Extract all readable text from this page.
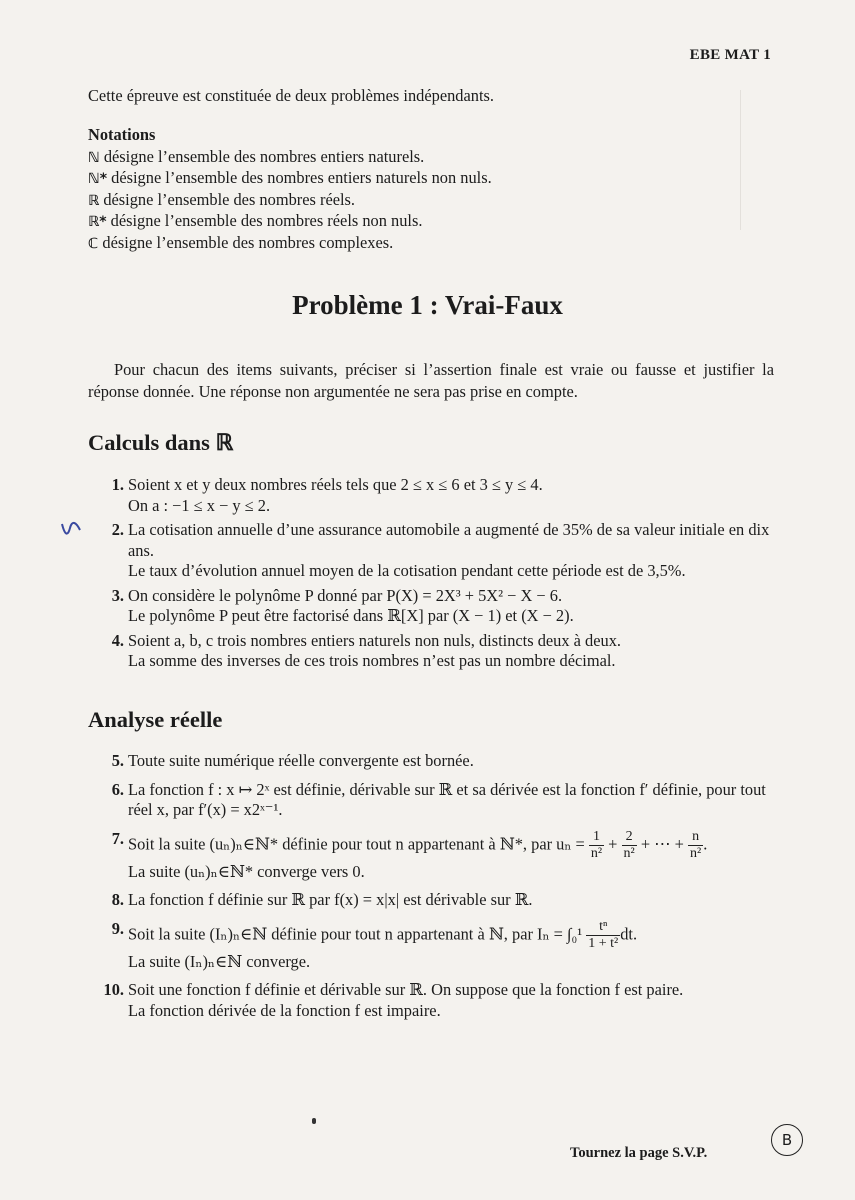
EBE MAT 1
Cette épreuve est constituée de deux problèmes indépendants.
Notations

ℕ désigne l’ensemble des nombres entiers naturels.

ℕ* désigne l’ensemble des nombres entiers naturels non nuls.

ℝ désigne l’ensemble des nombres réels.

ℝ* désigne l’ensemble des nombres réels non nuls.

ℂ désigne l’ensemble des nombres complexes.

Problème 1 : Vrai-Faux
Pour chacun des items suivants, préciser si l’assertion finale est vraie ou fausse et justifier la réponse donnée. Une réponse non argumentée ne sera pas prise en compte.
Calculs dans ℝ
1. Soient x et y deux nombres réels tels que 2 ≤ x ≤ 6 et 3 ≤ y ≤ 4.

On a : −1 ≤ x − y ≤ 2.

2. La cotisation annuelle d’une assurance automobile a augmenté de 35% de sa valeur initiale en dix ans.

Le taux d’évolution annuel moyen de la cotisation pendant cette période est de 3,5%.

3. On considère le polynôme P donné par P(X) = 2X³ + 5X² − X − 6.

Le polynôme P peut être factorisé dans ℝ[X] par (X − 1) et (X − 2).

4. Soient a, b, c trois nombres entiers naturels non nuls, distincts deux à deux.

La somme des inverses de ces trois nombres n’est pas un nombre décimal.

Analyse réelle
5. Toute suite numérique réelle convergente est bornée.

6. La fonction f : x ↦ 2ˣ est définie, dérivable sur ℝ et sa dérivée est la fonction f′ définie, pour tout réel x, par f′(x) = x2ˣ⁻¹.

7. Soit la suite (uₙ)ₙ∈ℕ* définie pour tout n appartenant à ℕ*, par $u_n = \frac{1}{\text{n²}} + \frac{2}{\text{n²}}$ + ⋯ + $\frac{n}{\text{n²}}$ .

La suite (uₙ)ₙ∈ℕ* converge vers 0.

8. La fonction f définie sur ℝ par f(x) = x|x| est dérivable sur ℝ.

9. Soit la suite (Iₙ)ₙ∈ℕ définie pour tout n appartenant à ℕ, par $I_n = \int_0^1 \frac{\text{tⁿ}}{\text{1 + t²}}$ dt.

La suite (Iₙ)ₙ∈ℕ converge.

10. Soit une fonction f définie et dérivable sur ℝ. On suppose que la fonction f est paire.

La fonction dérivée de la fonction f est impaire.

Tournez la page S.V.P.
B
